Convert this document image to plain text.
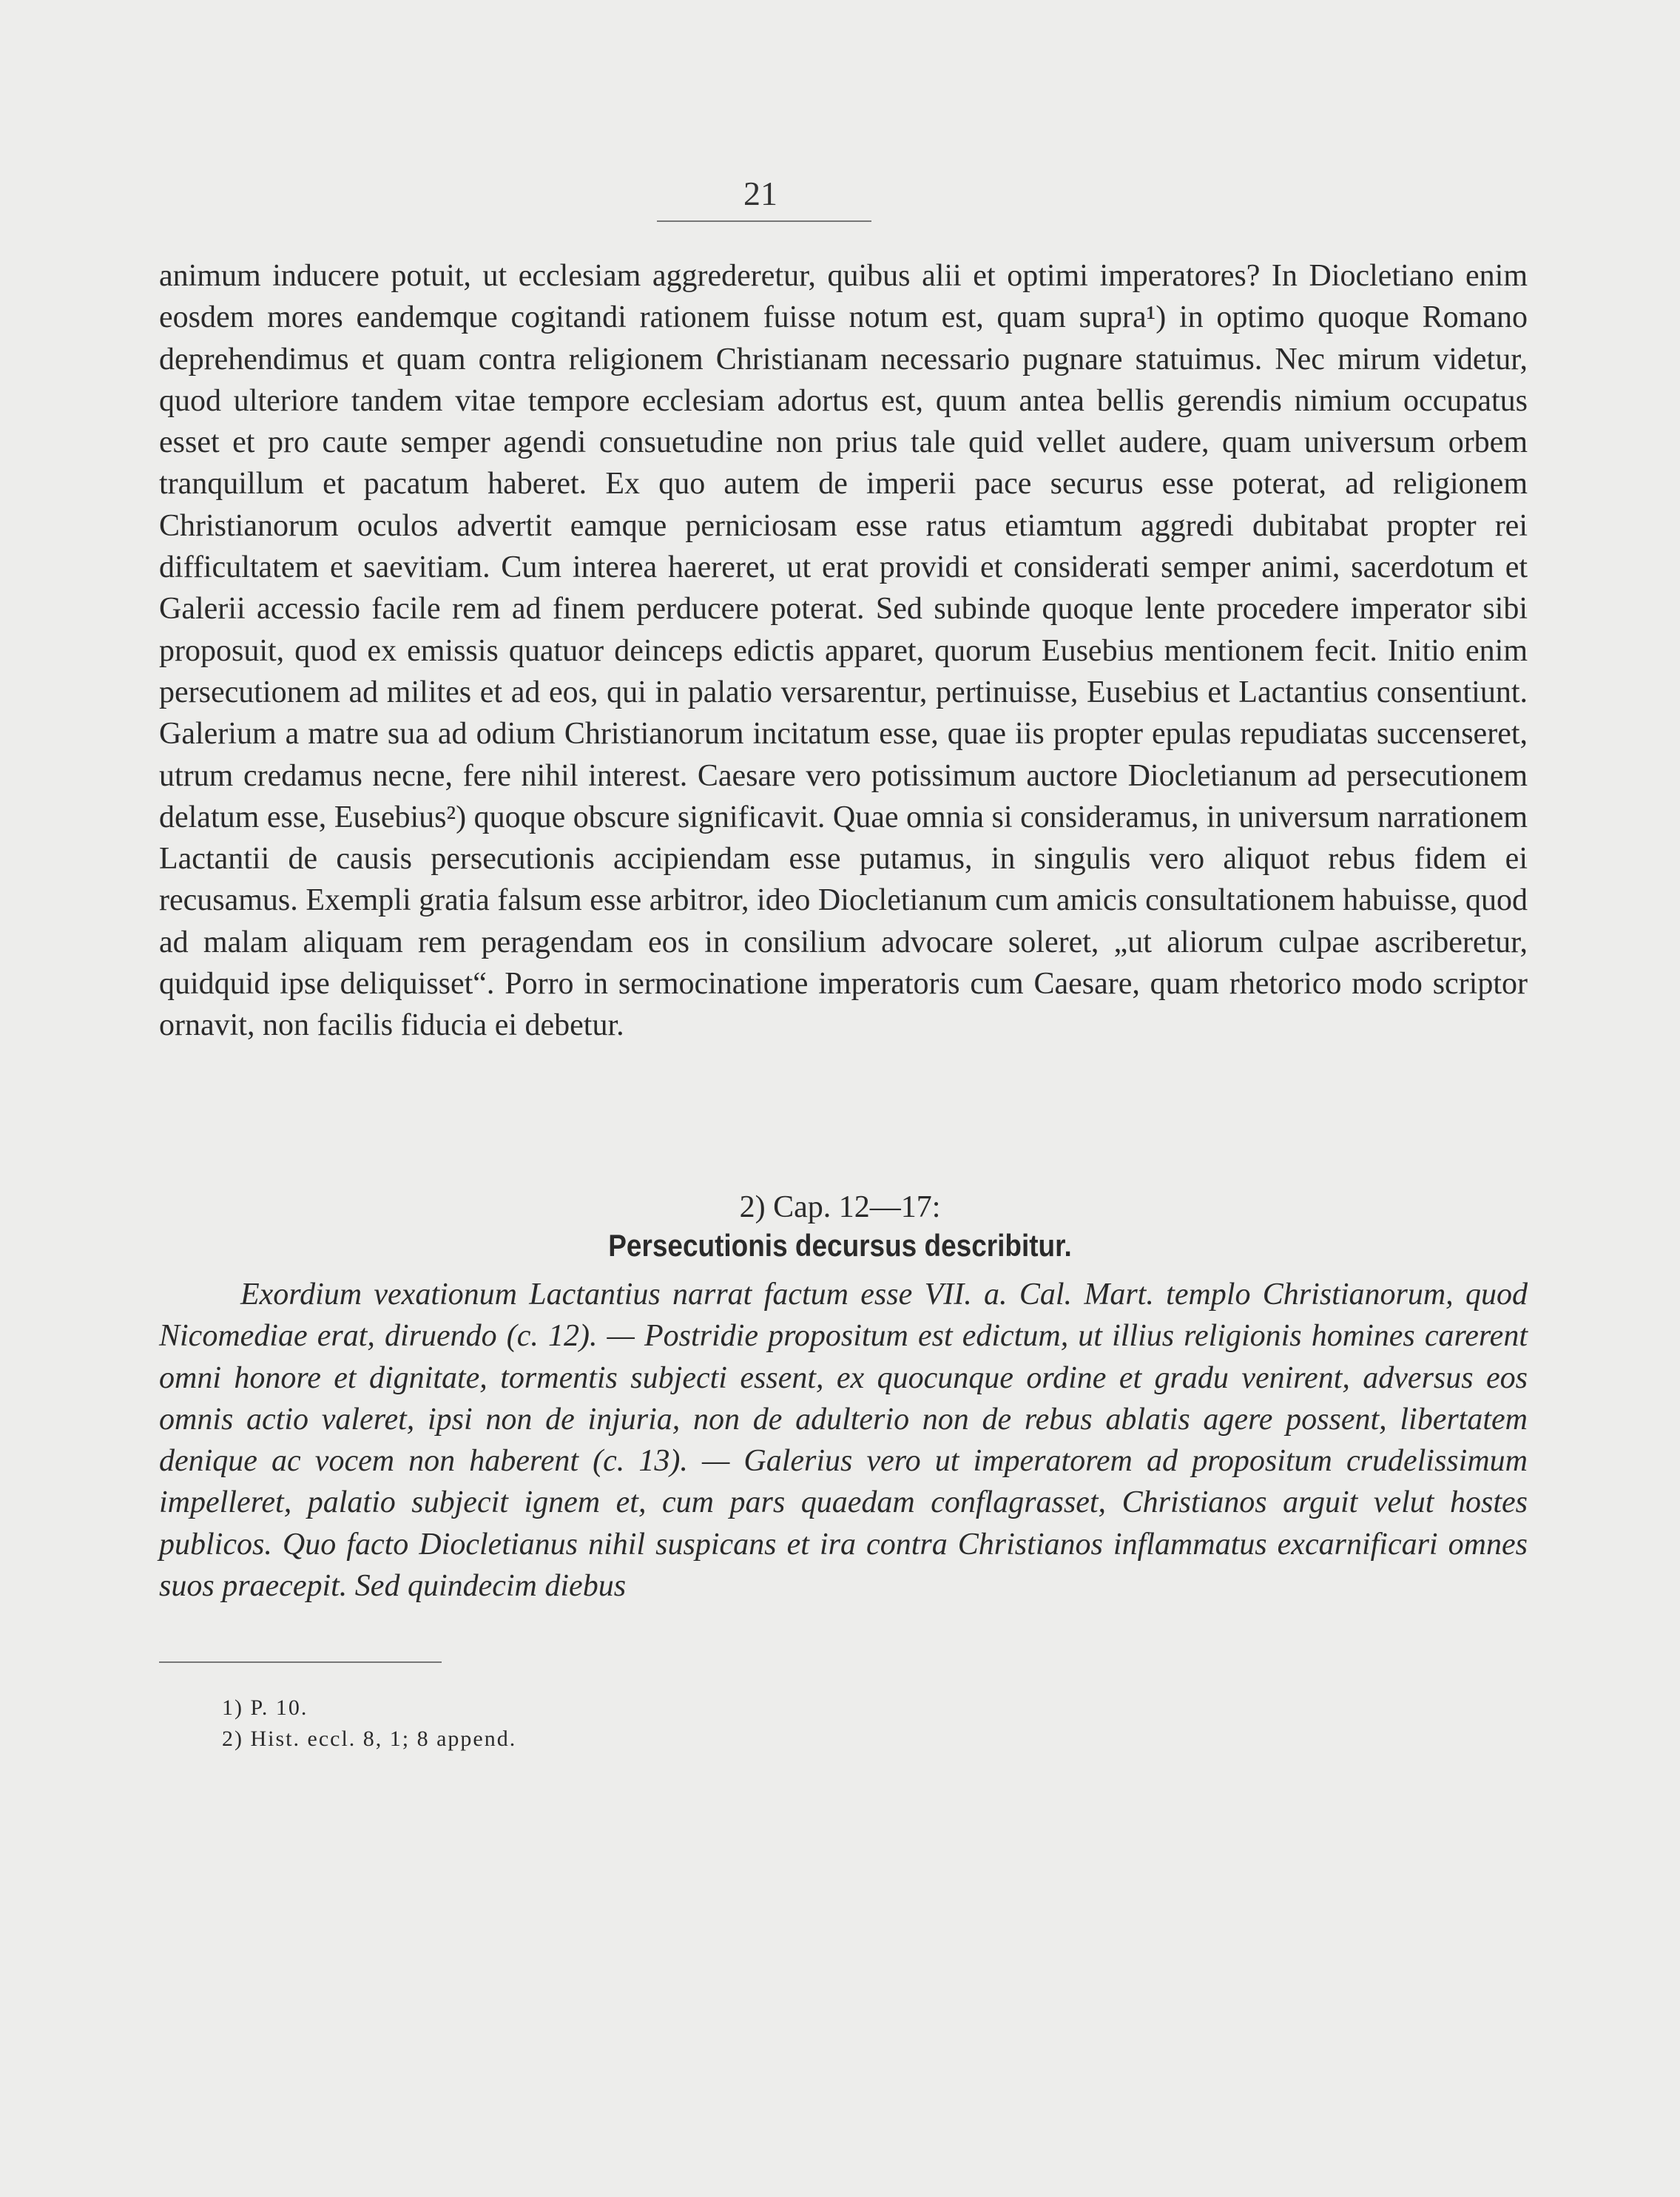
21

animum inducere potuit, ut ecclesiam aggrederetur, quibus alii et optimi imperatores? In Diocletiano enim eosdem mores eandemque cogitandi rationem fuisse notum est, quam supra¹) in optimo quoque Romano deprehendimus et quam contra religionem Christianam necessario pugnare statuimus. Nec mirum videtur, quod ulteriore tandem vitae tempore ecclesiam adortus est, quum antea bellis gerendis nimium occupatus esset et pro caute semper agendi consuetudine non prius tale quid vellet audere, quam universum orbem tranquillum et pacatum haberet. Ex quo autem de imperii pace securus esse poterat, ad religionem Christianorum oculos advertit eamque perniciosam esse ratus etiamtum aggredi dubitabat propter rei difficultatem et saevitiam. Cum interea haereret, ut erat providi et considerati semper animi, sacerdotum et Galerii accessio facile rem ad finem perducere poterat. Sed subinde quoque lente procedere imperator sibi proposuit, quod ex emissis quatuor deinceps edictis apparet, quorum Eusebius mentionem fecit. Initio enim persecutionem ad milites et ad eos, qui in palatio versarentur, pertinuisse, Eusebius et Lactantius consentiunt. Galerium a matre sua ad odium Christianorum incitatum esse, quae iis propter epulas repudiatas succenseret, utrum credamus necne, fere nihil interest. Caesare vero potissimum auctore Diocletianum ad persecutionem delatum esse, Eusebius²) quoque obscure significavit. Quae omnia si consideramus, in universum narrationem Lactantii de causis persecutionis accipiendam esse putamus, in singulis vero aliquot rebus fidem ei recusamus. Exempli gratia falsum esse arbitror, ideo Diocletianum cum amicis consultationem habuisse, quod ad malam aliquam rem peragendam eos in consilium advocare soleret, „ut aliorum culpae ascriberetur, quidquid ipse deliquisset“. Porro in sermocinatione imperatoris cum Caesare, quam rhetorico modo scriptor ornavit, non facilis fiducia ei debetur.

2) Cap. 12—17:
Persecutionis decursus describitur.

Exordium vexationum Lactantius narrat factum esse VII. a. Cal. Mart. templo Christianorum, quod Nicomediae erat, diruendo (c. 12). — Postridie propositum est edictum, ut illius religionis homines carerent omni honore et dignitate, tormentis subjecti essent, ex quocunque ordine et gradu venirent, adversus eos omnis actio valeret, ipsi non de injuria, non de adulterio non de rebus ablatis agere possent, libertatem denique ac vocem non haberent (c. 13). — Galerius vero ut imperatorem ad propositum crudelissimum impelleret, palatio subjecit ignem et, cum pars quaedam conflagrasset, Christianos arguit velut hostes publicos. Quo facto Diocletianus nihil suspicans et ira contra Christianos inflammatus excarnificari omnes suos praecepit. Sed quindecim diebus

1) P. 10.
2) Hist. eccl. 8, 1; 8 append.
